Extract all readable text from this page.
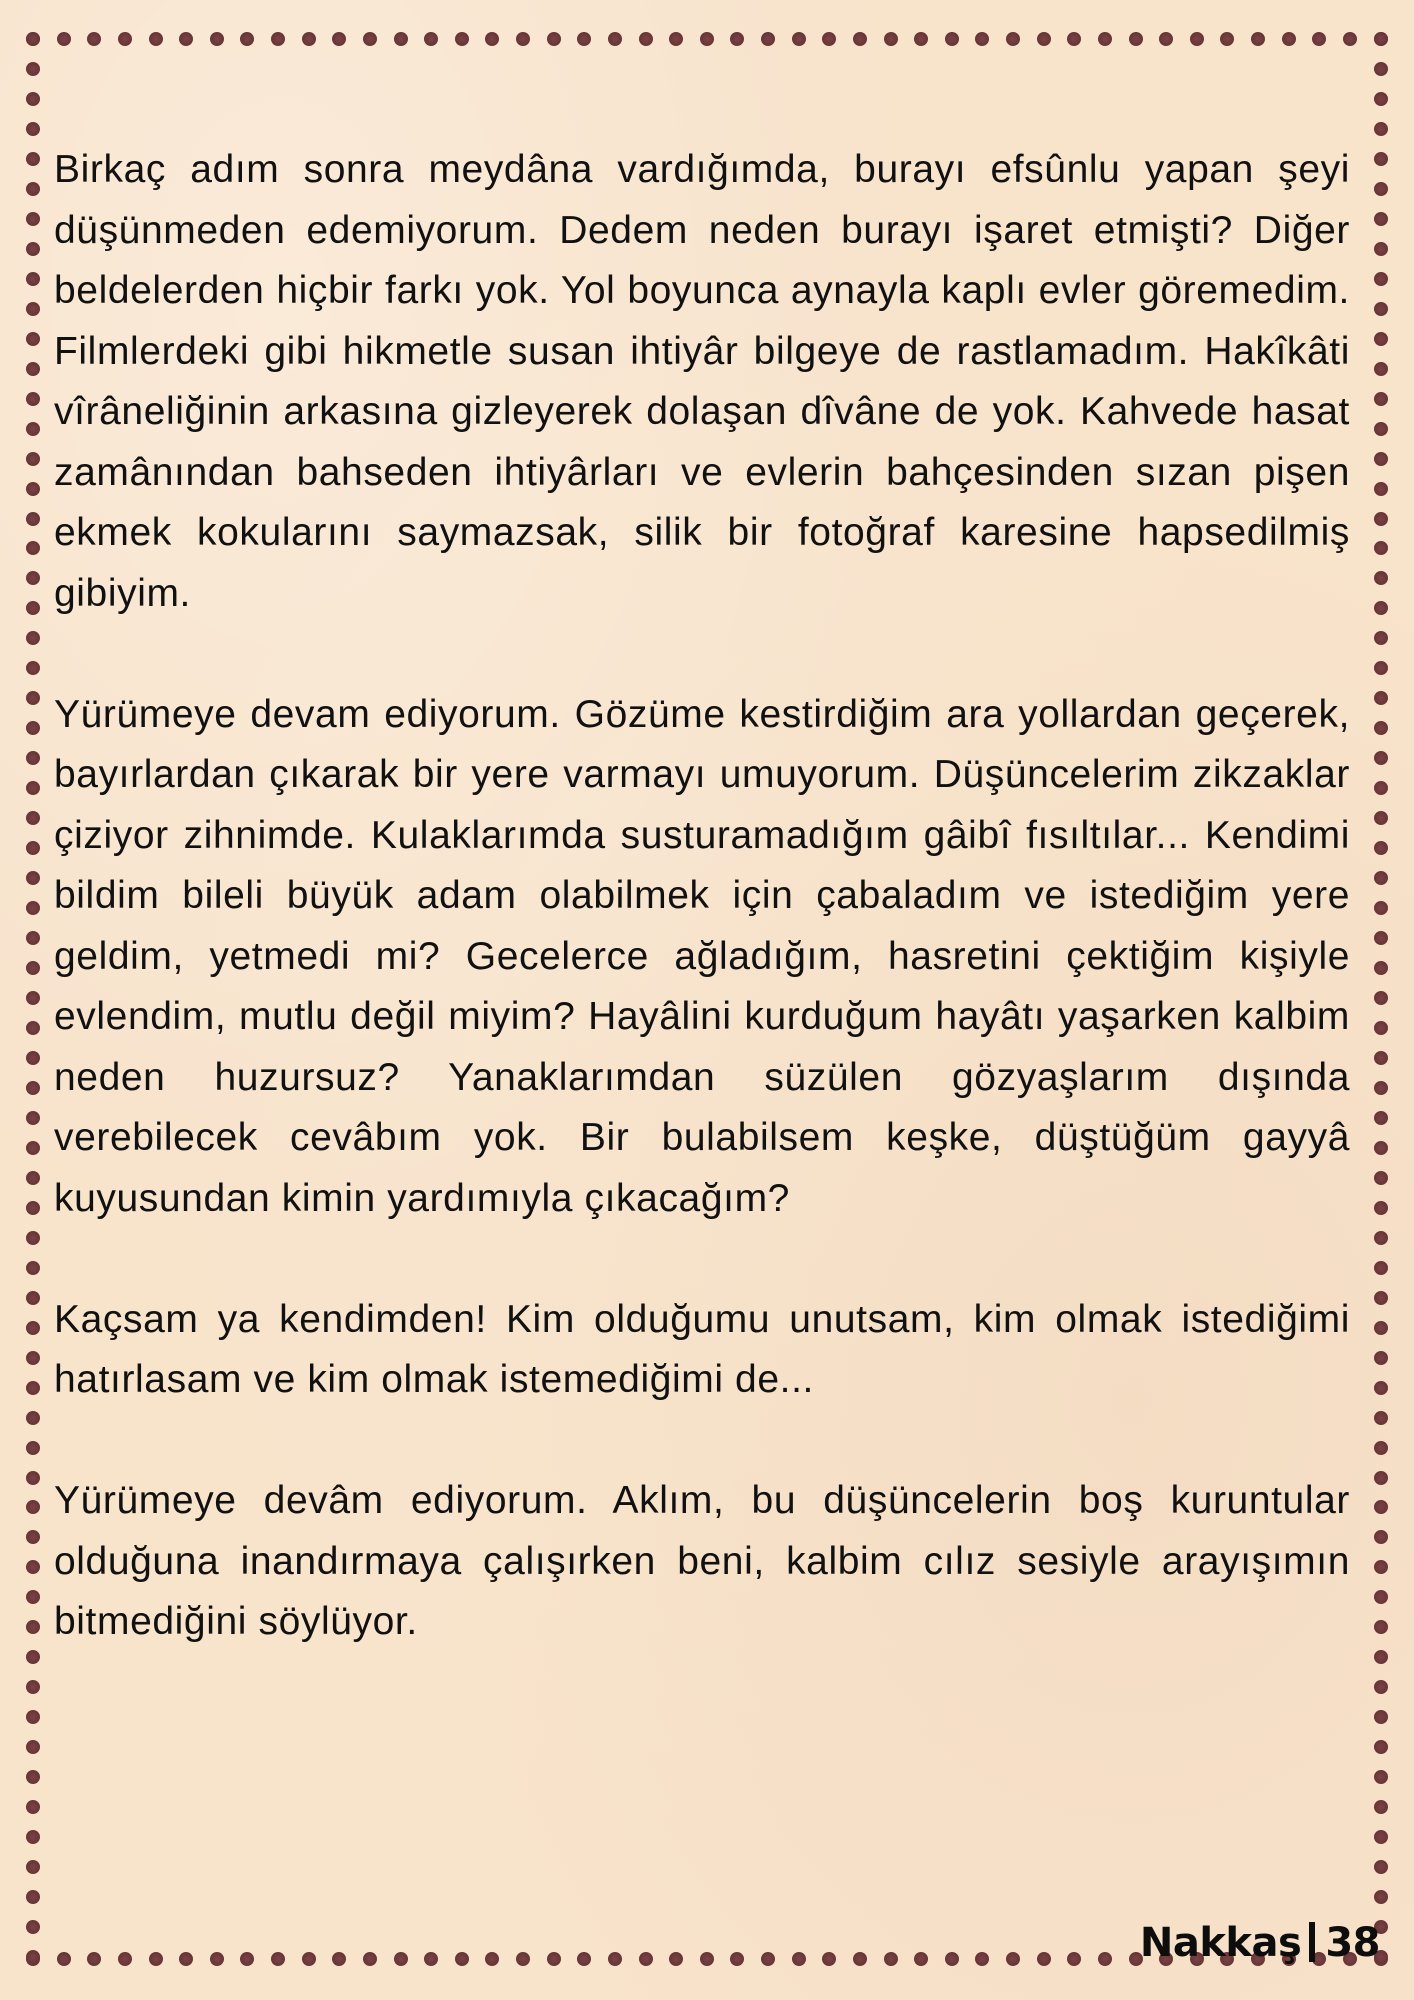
Birkaç adım sonra meydâna vardığımda, burayı efsûnlu yapan şeyi düşünmeden edemiyorum. Dedem neden burayı işaret etmişti? Diğer beldelerden hiçbir farkı yok. Yol boyunca aynayla kaplı evler göremedim. Filmlerdeki gibi hikmetle susan ihtiyâr bilgeye de rastlamadım. Hakîkâti vîrâneliğinin arkasına gizleyerek dolaşan dîvâne de yok. Kahvede hasat zamânından bahseden ihtiyârları ve evlerin bahçesinden sızan pişen ekmek kokularını saymazsak, silik bir fotoğraf karesine hapsedilmiş gibiyim.

Yürümeye devam ediyorum. Gözüme kestirdiğim ara yollardan geçerek, bayırlardan çıkarak bir yere varmayı umuyorum. Düşüncelerim zikzaklar çiziyor zihnimde. Kulaklarımda susturamadığım gâibî fısıltılar... Kendimi bildim bileli büyük adam olabilmek için çabaladım ve istediğim yere geldim, yetmedi mi? Gecelerce ağladığım, hasretini çektiğim kişiyle evlendim, mutlu değil miyim? Hayâlini kurduğum hayâtı yaşarken kalbim neden huzursuz? Yanaklarımdan süzülen gözyaşlarım dışında verebilecek cevâbım yok. Bir bulabilsem keşke, düştüğüm gayyâ kuyusundan kimin yardımıyla çıkacağım?

Kaçsam ya kendimden! Kim olduğumu unutsam, kim olmak istediğimi hatırlasam ve kim olmak istemediğimi de...

Yürümeye devâm ediyorum. Aklım, bu düşüncelerin boş kuruntular olduğuna inandırmaya çalışırken beni, kalbim cılız sesiyle arayışımın bitmediğini söylüyor.

Nakkaş 38
